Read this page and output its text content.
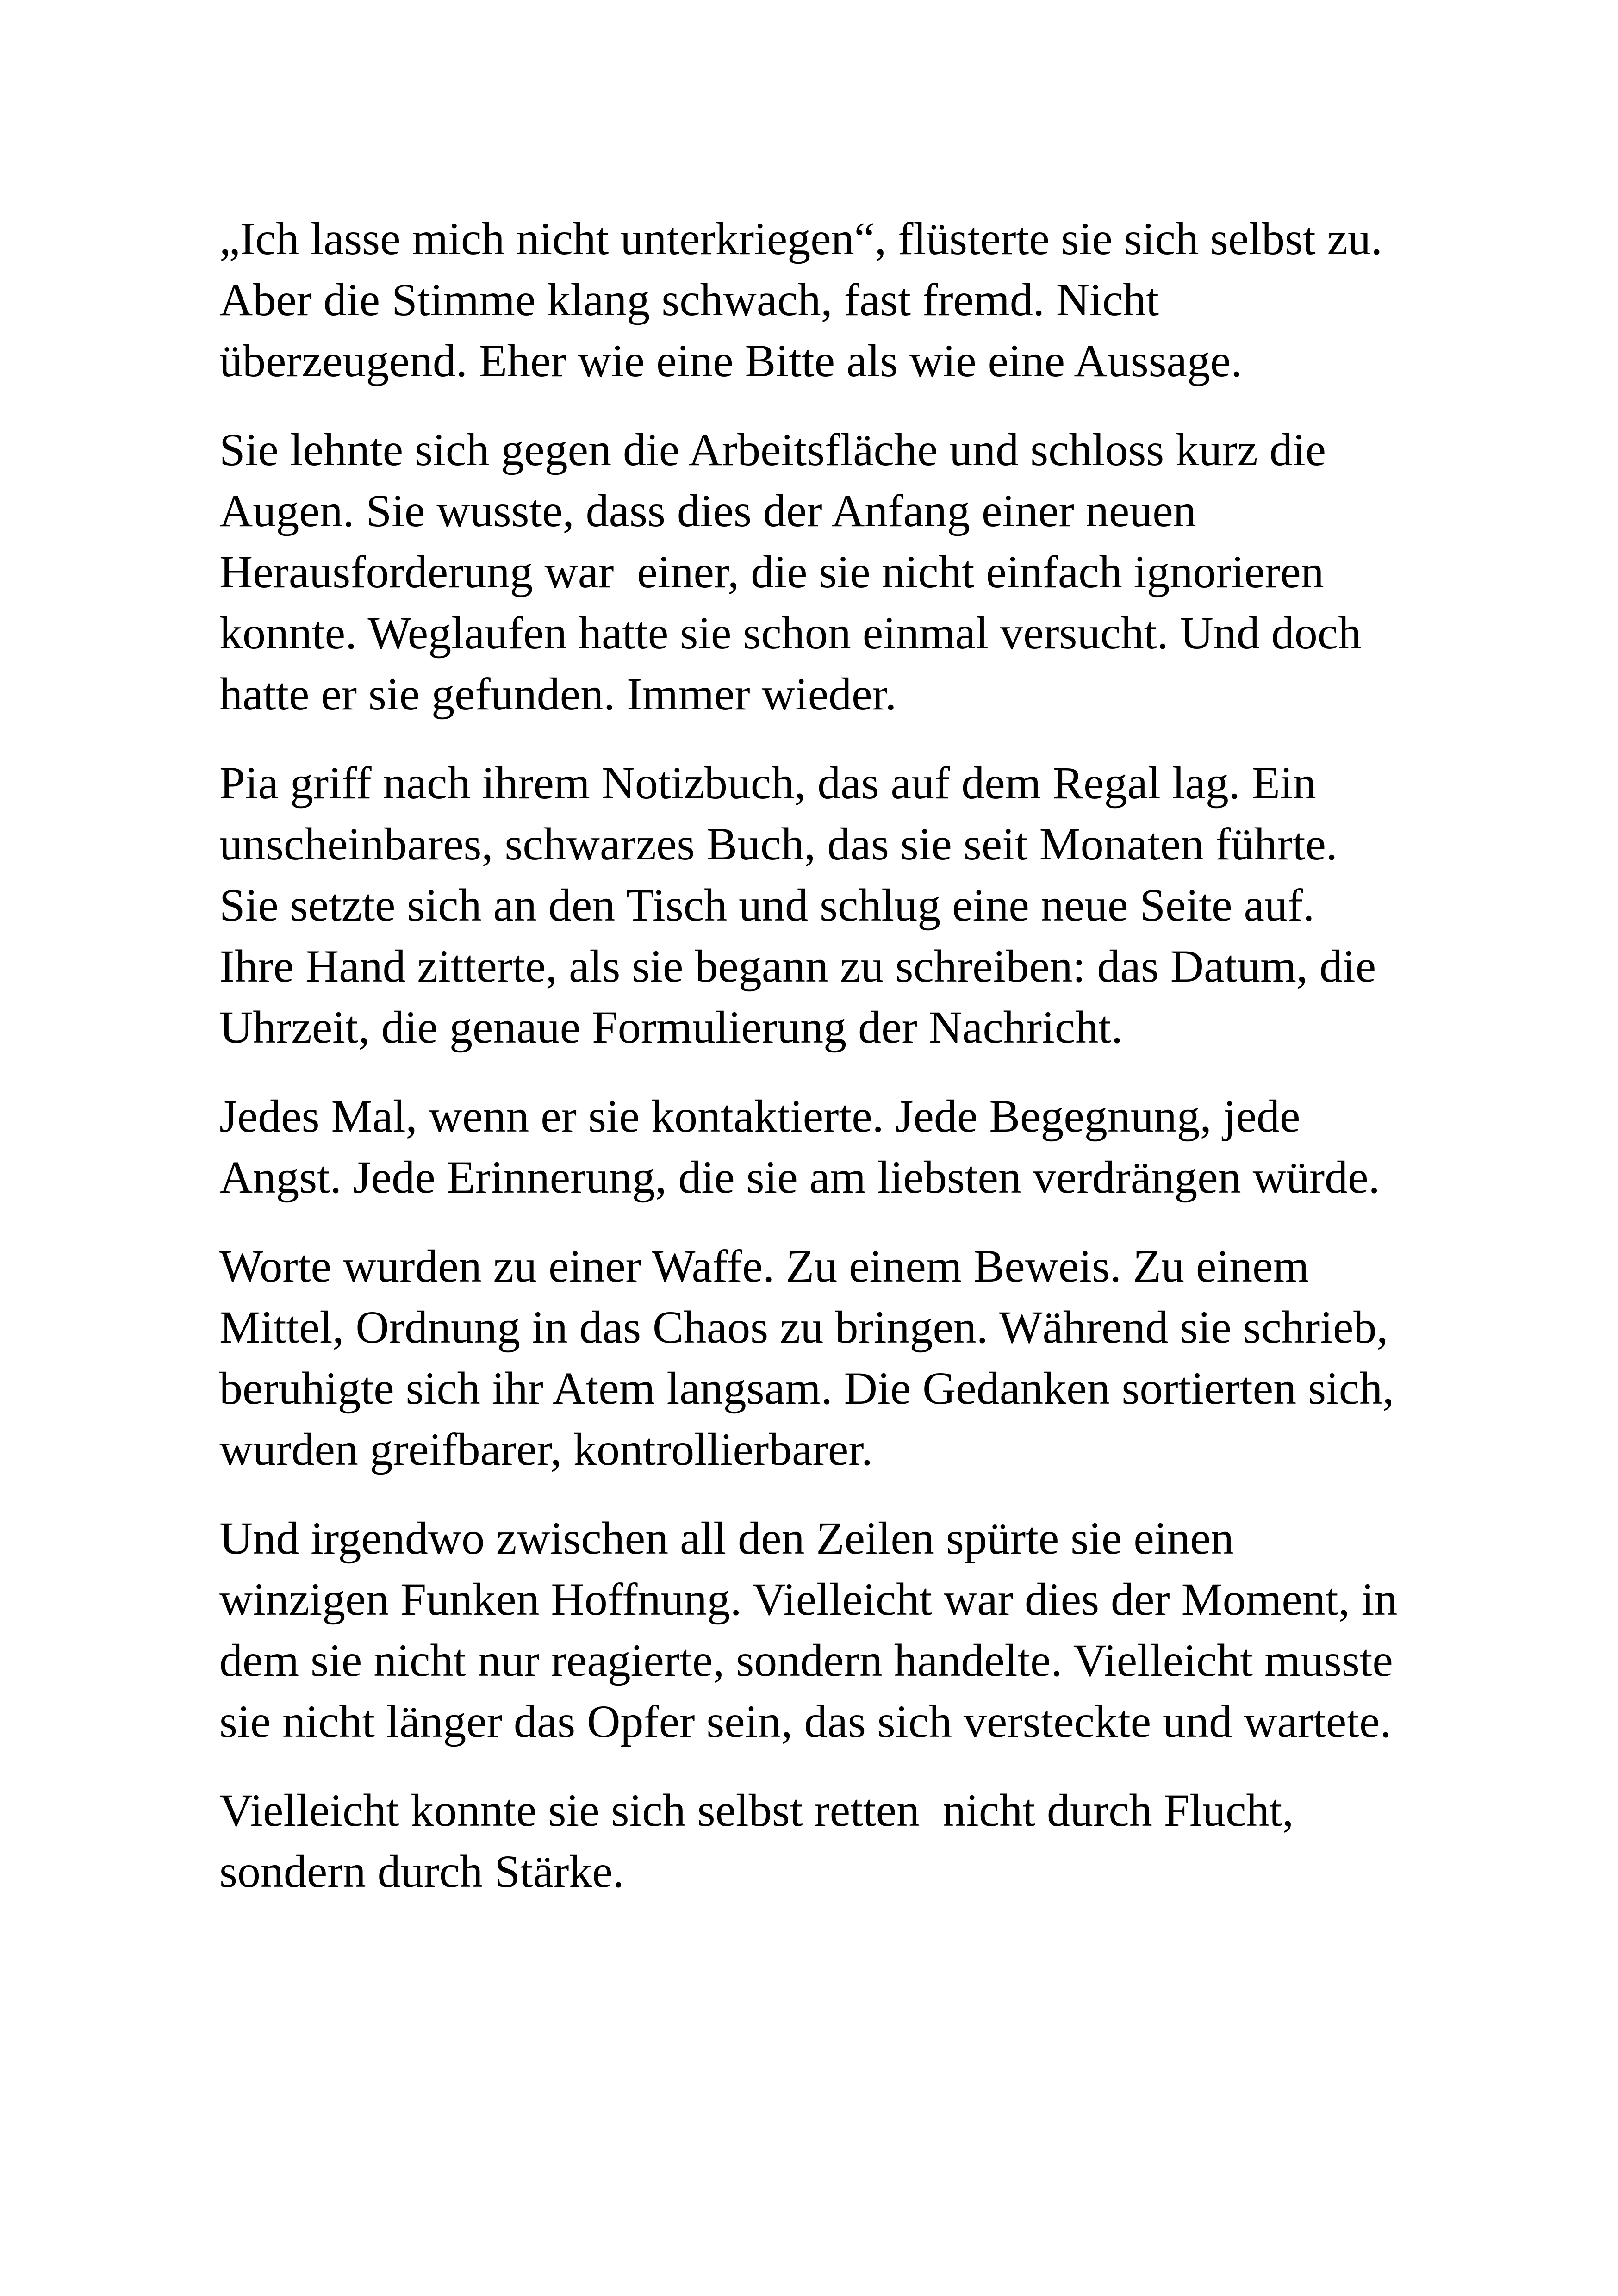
„Ich lasse mich nicht unterkriegen“, flüsterte sie sich selbst zu.
Aber die Stimme klang schwach, fast fremd. Nicht
überzeugend. Eher wie eine Bitte als wie eine Aussage.

Sie lehnte sich gegen die Arbeitsfläche und schloss kurz die
Augen. Sie wusste, dass dies der Anfang einer neuen
Herausforderung war  einer, die sie nicht einfach ignorieren
konnte. Weglaufen hatte sie schon einmal versucht. Und doch
hatte er sie gefunden. Immer wieder.

Pia griff nach ihrem Notizbuch, das auf dem Regal lag. Ein
unscheinbares, schwarzes Buch, das sie seit Monaten führte.
Sie setzte sich an den Tisch und schlug eine neue Seite auf.
Ihre Hand zitterte, als sie begann zu schreiben: das Datum, die
Uhrzeit, die genaue Formulierung der Nachricht.

Jedes Mal, wenn er sie kontaktierte. Jede Begegnung, jede
Angst. Jede Erinnerung, die sie am liebsten verdrängen würde.

Worte wurden zu einer Waffe. Zu einem Beweis. Zu einem
Mittel, Ordnung in das Chaos zu bringen. Während sie schrieb,
beruhigte sich ihr Atem langsam. Die Gedanken sortierten sich,
wurden greifbarer, kontrollierbarer.

Und irgendwo zwischen all den Zeilen spürte sie einen
winzigen Funken Hoffnung. Vielleicht war dies der Moment, in
dem sie nicht nur reagierte, sondern handelte. Vielleicht musste
sie nicht länger das Opfer sein, das sich versteckte und wartete.

Vielleicht konnte sie sich selbst retten  nicht durch Flucht,
sondern durch Stärke.
